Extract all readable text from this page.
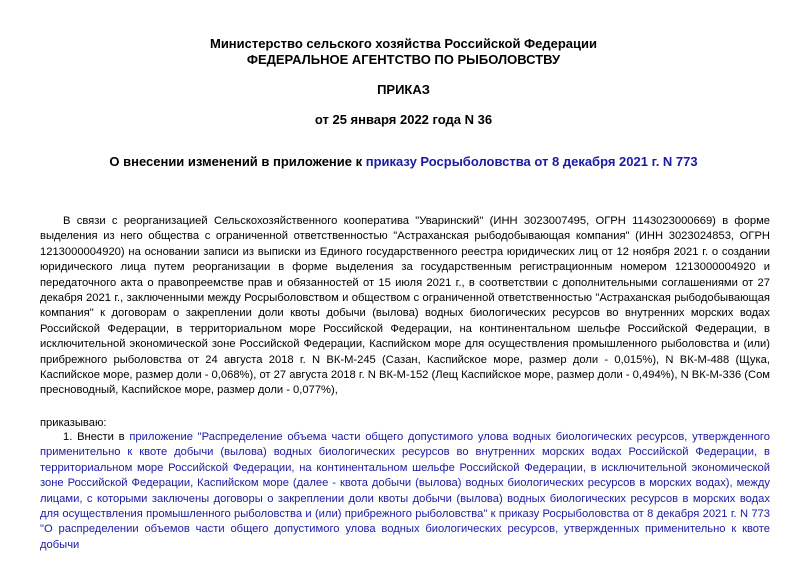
Министерство сельского хозяйства Российской Федерации
ФЕДЕРАЛЬНОЕ АГЕНТСТВО ПО РЫБОЛОВСТВУ
ПРИКАЗ
от 25 января 2022 года N 36
О внесении изменений в приложение к приказу Росрыболовства от 8 декабря 2021 г. N 773
В связи с реорганизацией Сельскохозяйственного кооператива "Уваринский" (ИНН 3023007495, ОГРН 1143023000669) в форме выделения из него общества с ограниченной ответственностью "Астраханская рыбодобывающая компания" (ИНН 3023024853, ОГРН 1213000004920) на основании записи из выписки из Единого государственного реестра юридических лиц от 12 ноября 2021 г. о создании юридического лица путем реорганизации в форме выделения за государственным регистрационным номером 1213000004920 и передаточного акта о правопреемстве прав и обязанностей от 15 июля 2021 г., в соответствии с дополнительными соглашениями от 27 декабря 2021 г., заключенными между Росрыболовством и обществом с ограниченной ответственностью "Астраханская рыбодобывающая компания" к договорам о закреплении доли квоты добычи (вылова) водных биологических ресурсов во внутренних морских водах Российской Федерации, в территориальном море Российской Федерации, на континентальном шельфе Российской Федерации, в исключительной экономической зоне Российской Федерации, Каспийском море для осуществления промышленного рыболовства и (или) прибрежного рыболовства от 24 августа 2018 г. N ВК-М-245 (Сазан, Каспийское море, размер доли - 0,015%), N ВК-М-488 (Щука, Каспийское море, размер доли - 0,068%), от 27 августа 2018 г. N ВК-М-152 (Лещ Каспийское море, размер доли - 0,494%), N ВК-М-336 (Сом пресноводный, Каспийское море, размер доли - 0,077%),
приказываю:
1. Внести в приложение "Распределение объема части общего допустимого улова водных биологических ресурсов, утвержденного применительно к квоте добычи (вылова) водных биологических ресурсов во внутренних морских водах Российской Федерации, в территориальном море Российской Федерации, на континентальном шельфе Российской Федерации, в исключительной экономической зоне Российской Федерации, Каспийском море (далее - квота добычи (вылова) водных биологических ресурсов в морских водах), между лицами, с которыми заключены договоры о закреплении доли квоты добычи (вылова) водных биологических ресурсов в морских водах для осуществления промышленного рыболовства и (или) прибрежного рыболовства" к приказу Росрыболовства от 8 декабря 2021 г. N 773 "О распределении объемов части общего допустимого улова водных биологических ресурсов, утвержденных применительно к квоте добычи
